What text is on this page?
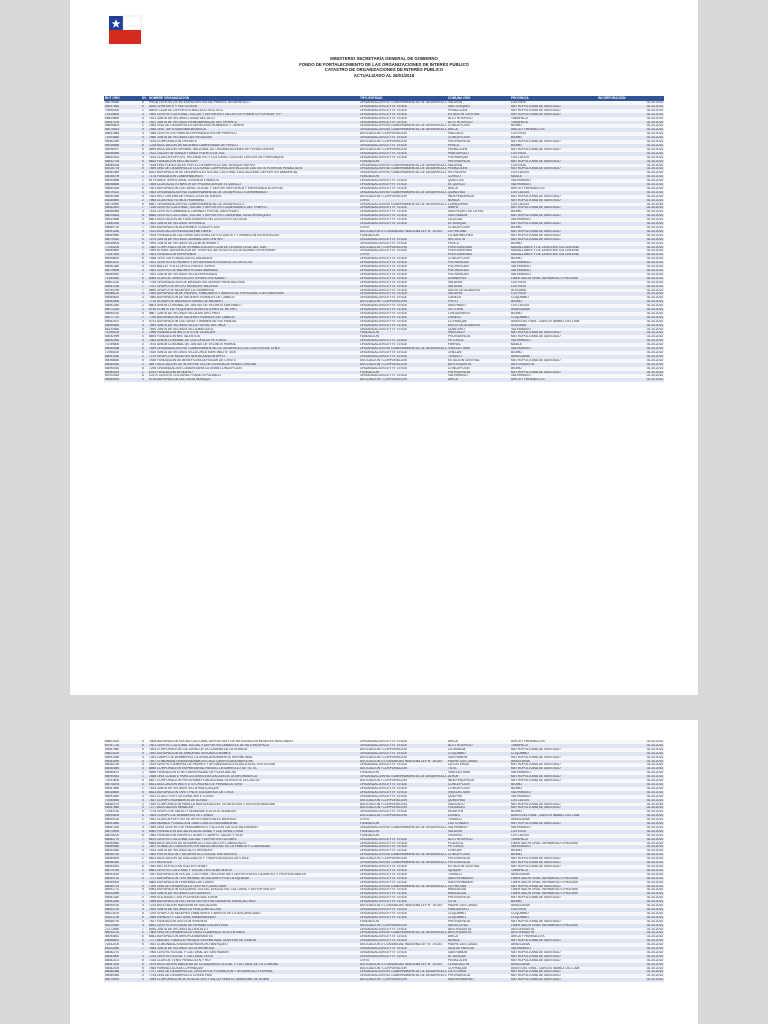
MINISTERIO SECRETARÍA GENERAL DE GOBIERNO
FONDO DE FORTALECIMIENTO DE LAS ORGANIZACIONES DE INTERÉS PÚBLICO
CATASTRO DE ORGANIZACIONES DE INTERÉS PÚBLICO
ACTUALIZADO AL 26/01/2018
RUT ORG	DV	NOMBRE ORGANIZACIÓN	TIPO ENTIDAD	COMUNA ORG	PROVINCIA	INCORPORACIÓN
65076050	6	PROB CENTRO DE INTEGRACION SOCIAL PARA EL DESARROLLO	ORGANIZACIÓN NO GUBERNAMENTAL DE DESARROLLO	VALDIVIA	LOS RIOS	02-10-2014
65057830	K	DAVI CRIN ARTE Y PAZ LA VIDA	ORGANIZACIÓN LEY N° 19.418	SAN JOAQUIN	METROPOLITANA DE SANTIAGO	02-10-2014
75490300	2	BARS CLUB DE DEPORTES MALLECO ATLETICO	ORGANIZACIÓN LEY N° 19.418	PEÑALOLEN	METROPOLITANA DE SANTIAGO	02-10-2014
71425600	3	7600 CENTRO CULTURAL, SOCIAL Y DEPORTIVO TALLER DE FOMENTO POPULAR TFP	ORGANIZACIÓN LEY N° 19.418	ESTACIÓN CENTRAL	METROPOLITANA DE SANTIAGO	02-10-2014
65829560	4	7521 JUNTA DE VECINOS CASAS DEL ALTO	ORGANIZACIÓN LEY N° 19.418	ALTO HOSPICIO	TARAPACÁ	02-10-2014
65057130	K	7522 JUNTA DE VECINOS REMEMBRANZAS DEL ORIENTE	ORGANIZACIÓN LEY N° 19.418	ALTO HOSPICIO	TARAPACÁ	02-10-2014
65896803	1	7564 ONG DE DESARROLLO DERECHOS HUMANOS Y TIERRA	ORGANIZACIÓN NO GUBERNAMENTAL DE DESARROLLO	CONCEPCIÓN	BIOBÍO	02-10-2014
65079513	9	7565 ONG TUPTUGAN MARAVI ARICA	ORGANIZACIÓN NO GUBERNAMENTAL DE DESARROLLO	ARICA	ARICA Y PARINACOTA	02-10-2014
65841884	4	7566 CENTRO DE FAMILIA ESPERANZA ROCHE PIREPILLI	ASOCIACIÓN / CORPORACIÓN	PAILLACO	LOS RIOS	02-10-2014
71903640	5	7669 JUNTA DE VECINOS LAS PATAGUAS	ORGANIZACIÓN LEY N° 19.418	CONCEPCIÓN	BIOBÍO	02-10-2014
65082280	2	7610 CORPORACION CREARTE	ASOCIACIÓN / CORPORACIÓN	PROVIDENCIA	METROPOLITANA DE SANTIAGO	02-10-2014
65038656	5	7228 ASOCIACION DE MUJERES CAMPESINAS DE PENCO	ORGANIZACIÓN LEY N° 19.418	PENCO	BIOBÍO	02-10-2014
65098097	6	8899 ASOCIACION GREMIAL NACIONAL DE ORGANIZACIONES DE FERIAS LIBRES	ASOCIACIÓN / CORPORACIÓN	PEÑALOLEN	METROPOLITANA DE SANTIAGO	02-10-2014
65066068	4	7612 TALLER DE DANZA Y BAILE PUERTO DE SOL	ORGANIZACIÓN LEY N° 19.418	PANGUIPULLI	LOS RIOS	02-10-2014
65830002	5	7615 CLUB DEPORTIVO, RECREATIVO Y CULTURAL COLEGIO CRECER DE PURRANQUE	ORGANIZACIÓN LEY N° 19.418	PURRANQUE	LOS LAGOS	02-10-2014
65632735	K	8833 FUNDACION RECONOCER	FUNDACIÓN	PROVIDENCIA	METROPOLITANA DE SANTIAGO	02-10-2014
65080528	4	7616 ONG FORESTALES POR EL DESARROLLO DEL BOSQUE NATIVO	ORGANIZACIÓN NO GUBERNAMENTAL DE DESARROLLO	VALDIVIA	LOS RIOS	02-10-2014
65120778	9	7609 ONG DE DESARROLLO CULTURAL CORPORACION VILLA DE LAS SIETE PUERTAS PENALOLEN	ORGANIZACIÓN NO GUBERNAMENTAL DE DESARROLLO	PEÑALOLEN	METROPOLITANA DE SANTIAGO	02-10-2014
65082449	4	6202 AGRUPACION DE DESARROLLO SOCIAL CULTURAL EDUCACIONAL DEPORTIVO AMBIENTAL	ORGANIZACIÓN NO GUBERNAMENTAL DE DESARROLLO	RIO NEGRO	LOS LAGOS	02-10-2014
65046709	1	7175 FUNDACION LUMINENBURGO	FUNDACIÓN	CURICÓ	MAULE	02-10-2014
65090656	1	6179 AREA TERRITORIAL VIVIENDA Y AMIGOS	ORGANIZACIÓN LEY N° 19.418	QUILLOTA	VALPARAISO	02-10-2014
65048858	1	7608 CLUB ADULTO MAYOR DE PROMOCION DE EL QUISCO	ORGANIZACIÓN LEY N° 19.418	EL QUISCO	VALPARAISO	02-10-2014
65850308	6	7601 AGRUPACION CULTURAL, SOCIAL Y DEPORTIVA FUERZA Y ESPERANZA HOSPITAL	ORGANIZACIÓN LEY N° 19.418	ARICA	ARICA Y PARINACOTA	02-10-2014
65079321	4	7602 ORGANIZACION NO GUBERNAMENTAL DE DESARROLLO GERMINANDO	ORGANIZACIÓN NO GUBERNAMENTAL DE DESARROLLO	QUINCHAO	LOS LAGOS	02-10-2014
65050268	K	7603 RED CHILENA DE REDUCCION DE DAÑOS	ASOCIACIÓN / CORPORACIÓN	INDEPENDENCIA	METROPOLITANA DE SANTIAGO	02-10-2014
65255650	2	7665 CLUB RED FUTBOL FEMENINO	OTRO	ÑUÑOA	METROPOLITANA DE SANTIAGO	02-10-2014
65076960	K	6687 ORGANIZACION NO GUBERNAMENTAL DE DESARROLLO	ORGANIZACIÓN NO GUBERNAMENTAL DE DESARROLLO	LLANQUIHUE	LOS LAGOS	02-10-2014
65062810	7	7238 CENTRO CULTURAL, SOCIAL Y DEPORTIVO GUARDIANES DEL TEMPLO	ORGANIZACIÓN LEY N° 19.418	MAIPÚ	METROPOLITANA DE SANTIAGO	02-10-2014
65066485	3	7615 CENTRO CANNABICO LAVANDO PORTAL SAN PEDRO	ORGANIZACIÓN LEY N° 19.418	SAN PEDRO DE LA PAZ	BIOBÍO	02-10-2014
65024633	8	8880 CENTRO CULTURAL, SOCIAL Y DEPORTIVO CARDENAL SILVA HENRIQUEZ	ORGANIZACIÓN LEY N° 19.418	SAN RAMÓN	METROPOLITANA DE SANTIAGO	02-10-2014
65043088	2	8801 ASOCIACION DE FUNCIONARIOS NO DOCENTES LA LIGUA	ORGANIZACIÓN LEY N° 19.418	LA LIGUA	VALPARAISO	02-10-2014
71850300	4	7601 JUNTA DE VECINOS VERONICA	ORGANIZACIÓN LEY N° 19.418	EL BOSQUE	METROPOLITANA DE SANTIAGO	02-10-2014
65089710	7	7595 AGRUPACION ALZHEIMER CONCEPCION	OTRO	CONCEPCIÓN	BIOBÍO	02-10-2014
65091250	5	7611 ASOCIACION INDIGENA KIMI LIWEN	ASOCIACIÓN O COMUNIDAD INDÍGENA LEY N° 19.253	LA PINTANA	METROPOLITANA DE SANTIAGO	02-10-2014
65089980	2	7629 FUNDACION CULTURAL NACIONAL DE ESTUDIOS Y FORMACION EN MODELAJE	FUNDACIÓN	LO BARNECHEA	METROPOLITANA DE SANTIAGO	02-10-2014
65079320	K	7575 JUNTA DE VECINOS SEMINACION CENTRO	ORGANIZACIÓN LEY N° 19.418	RECOLETA	METROPOLITANA DE SANTIAGO	02-10-2014
65046904	8	7699 JUNTA DE VECINOS VILLA MONTEMAR 2	ORGANIZACIÓN LEY N° 19.418	PENCO	BIOBÍO	02-10-2014
77034200	2	7860 CORPORACION DE REHABILITACION CLUB DE LEONES CRUZ DEL SUR	ASOCIACIÓN / CORPORACIÓN	PUNTA ARENAS	MAGALLANES Y DE LA ANTÁRTICA CHILENA	02-10-2014
65089840	7	7690 ATHUEL AGRUPACION DE TERAPEUTAS HOLISTICOS AYUDANDO A REPARAR	ORGANIZACIÓN LEY N° 19.418	PUNTA ARENAS	MAGALLANES Y DE LA ANTÁRTICA CHILENA	02-10-2014
72167600	6	7603 FUNDACION ESPERANZA	OTRO	PUNTA ARENAS	MAGALLANES Y DE LA ANTÁRTICA CHILENA	02-10-2014
65098820	8	7656 JVVS 225 POBLACION EL ANDALIEN	ORGANIZACIÓN LEY N° 19.418	CONCEPCIÓN	BIOBÍO	02-10-2014
65901110	K	7621 CENTRO DE PADRES Y APODERADOS ESCUELA LA CHOCOTA	ORGANIZACIÓN LEY N° 19.418	PUCHUNCAVÍ	VALPARAISO	02-10-2014
65082360	5	7614 BALLET FOLCLORICO RAICES JOVEN	ORGANIZACIÓN LEY N° 19.418	PUCHUNCAVÍ	VALPARAISO	02-10-2014
65079606	4	7651 CENTRO DE MADRES ROSAS MARINAS	ORGANIZACIÓN LEY N° 19.418	PUCHUNCAVÍ	VALPARAISO	02-10-2014
65080810	1	7653 JUNTA DE VECINOS VILLA ESPERANZA	ORGANIZACIÓN LEY N° 19.418	PUCHUNCAVÍ	VALPARAISO	02-10-2014
71350440	K	8054 CLUB DE ORIENTACION TERRESTRE AZIMUT	ORGANIZACIÓN LEY N° 19.418	GRANEROS	LIBERTADOR GRAL. BERNARDO O'HIGGINS	02-10-2014
65401220	8	7765 ORGANIZACION DE MASAJISTAS SENIOR PARA VALDIVIA	ORGANIZACIÓN LEY N° 19.418	VALDIVIA	LOS RIOS	02-10-2014
65087236	7	7787 GRUPO DE APOYO RENACER VALDIVIA	ORGANIZACIÓN LEY N° 19.418	VALDIVIA	LOS RIOS	02-10-2014
65790296	7	8890 GRUPO DE MUJERES LA CUMBRERA	ORGANIZACIÓN LEY N° 19.418	DIEGO DE ALMAGRO	ATACAMA	02-10-2014
65088120	9	7800 AGRUPACION DE PADRES, FAMILIARES Y AMIGOS DE PERSONAS CON SINDROME	ORGANIZACIÓN LEY N° 19.418	VALDIVIA	LOS RIOS	02-10-2014
65084620	3	7860 AGRUPACION DE MUJERES RURALES DE CANELA	ORGANIZACIÓN LEY N° 19.418	CANELA	COQUIMBO	02-10-2014
65064300	1	7710 HOGAR DE ANCIANOS RAYAS DE NAZARET	ASOCIACIÓN / CORPORACIÓN	PINTO	BIOBÍO	02-10-2014
65082350	2	8803 UNION COMUNAL DE JUNTAS DE VECINOS SAN PABLO	ORGANIZACIÓN LEY N° 19.418	SAN PABLO	LOS LAGOS	02-10-2014
65072310	2	8736 COMITE DE PEQUEÑOS AGRICULTORES EL RETIRO	ORGANIZACIÓN LEY N° 19.418	VICTORIA	ARAUCANÍA	02-10-2014
65850230	4	8867 JUNTA DE VECINOS VILLA ARTURO PRAT	ORGANIZACIÓN LEY N° 19.418	CHIGUAYANTE	BIOBÍO	02-10-2014
65077710	2	7780 AGRUPACION DE MUJERES RURALES DE CANELA	ORGANIZACIÓN LEY N° 19.418	CANELA	COQUIMBO	02-10-2014
65082570	4	6751 AGRUPACION CULTURAL Y AMBIENTAL RIO PANGAL	ORGANIZACIÓN LEY N° 19.418	COYHAIQUE	AISEN DEL GRAL. CARLOS IBAÑEZ DEL CAM	02-10-2014
65090550	4	7893 JUNTA DE VECINOS VILLA PORTAL DEL INCA	ORGANIZACIÓN LEY N° 19.418	DIEGO DE ALMAGRO	ATACAMA	02-10-2014
65120450	9	7890 JUNTA DE VECINOS VILLA MAR AZUL	ORGANIZACIÓN LEY N° 19.418	QUINTERO	VALPARAISO	02-10-2014
71295100	2	7896 FUNDACION INSTITUTO DE LA MUJER	FUNDACIÓN	SANTIAGO	METROPOLITANA DE SANTIAGO	02-10-2014
65052999	5	8894 FUNDACION MIS TALENTOS	FUNDACIÓN	PROVIDENCIA	METROPOLITANA DE SANTIAGO	02-10-2014
65092060	4	7563 UNION COMUNAL DE CULTURA DE PETORCA	ORGANIZACIÓN LEY N° 19.418	PETORCA	VALPARAISO	02-10-2014
73769800	4	7875 UNION COMUNAL DE JUNTAS DE VECINOS PARRAL	ORGANIZACIÓN LEY N° 19.418	PARRAL	MAULE	02-10-2014
65080056	5	7839 ORGANIZACION NO GUBERNAMENTAL DE DESARROLLO ACCION SOCIAL CHILE	ORGANIZACIÓN NO GUBERNAMENTAL DE DESARROLLO	VIÑA DEL MAR	VALPARAISO	02-10-2014
71965100	K	7810 JUNTA DE VECINOS VILLA CHILE MARTINEZ N° 30/4	ORGANIZACIÓN LEY N° 19.418	CHILLÁN	BIOBÍO	02-10-2014
65091050	2	7279 GRUPO DE MUJERES NUEVA ZANJON APPLI	ORGANIZACIÓN LEY N° 19.418	TEMUCO	ARAUCANÍA	02-10-2014
65098850	K	7835 FUNDACION DE BENEFICENCIA HOGAR DE CRISTO	ASOCIACIÓN / CORPORACIÓN	ESTACIÓN CENTRAL	METROPOLITANA DE SANTIAGO	02-10-2014
65080530	2	6897 ASOCIACION DE INTERPRETES DE LENGUA DE SEÑAS CHILENA	ASOCIACIÓN / CORPORACIÓN	ANTOFAGASTA	ANTOFAGASTA	02-10-2014
65090160	5	7256 ORGANIZACION COMUNITARIA LA GRAN CONCEPCION	ORGANIZACIÓN LEY N° 19.418	CONCEPCIÓN	BIOBÍO	02-10-2014
65080931	1	6763 FUNDACION MI NUEVO	FUNDACIÓN	PROVIDENCIA	METROPOLITANA DE SANTIAGO	02-10-2014
65702525	6	10170 CENTRO CULTURAL PLANETA POLANCO	ORGANIZACIÓN LEY N° 19.418	VALPARAISO	VALPARAISO	02-10-2014
65080525	4	6726 AGRUPACION CULTURAL NORAQO	ASOCIACIÓN / CORPORACIÓN	ARICA	ARICA Y PARINACOTA	02-10-2014
65801020	4	7608 AGRUPACION SOCIAL CULTURAL DEPORTIVA Y DE INTEGRACION MUJERES BUSCANDO	ORGANIZACIÓN LEY N° 19.418	ARICA	ARICA Y PARINACOTA	02-10-2014
65767730	K	7601 CENTRO CULTURAL SOCIAL Y DEPORTIVO AMANTES DE AUTOHOSPICIO	ORGANIZACIÓN LEY N° 19.418	ALTO HOSPICIO	TARAPACÁ	02-10-2014
65087580	5	7604 CORPORACION CULTURAL DE LA COMUNA DE LA GRANJA	ASOCIACIÓN / CORPORACIÓN	LA GRANJA	METROPOLITANA DE SANTIAGO	02-10-2014
65623100	K	7692 AGRUPACION DE MINORIAS SEXUALES ARIMEX	ORGANIZACIÓN LEY N° 19.418	COQUIMBO	COQUIMBO	02-10-2014
65091490	3	7281 CAMPO DE BOMBEROS LA GRANJA BOMBEROS PATRIMONIAL	ASOCIACIÓN / CORPORACIÓN	SAN RAMÓN	METROPOLITANA DE SANTIAGO	02-10-2014
65083090	4	7697 COMUNIDAD INDIGENA AWA EN CRUZ QUEPUCURA MAPUCHE	ASOCIACIÓN O COMUNIDAD INDÍGENA LEY N° 19.253	PADRE LAS CASAS	ARAUCANÍA	02-10-2014
65084750	4	7619 CENTRO GENERAL DE PADRES Y APODERADOS ESCUELA ELECTROTECNIA	ORGANIZACIÓN LEY N° 19.418	LA CISTERNA	METROPOLITANA DE SANTIAGO	02-10-2014
65090646	4	8895 CORPORACION EMPRESARIAL PARA EL DESARROLLO DE TIL TIL	ASOCIACIÓN / CORPORACIÓN	TILTIL	METROPOLITANA DE SANTIAGO	02-10-2014
65084670	1	6896 FUNDACION ETNO UNIVERSIDAD DE PLAYA ANCHA	FUNDACIÓN	VIÑA DEL MAR	VALPARAISO	02-10-2014
65090543	1	7688 ONG CUIDATE PARA LA DEMOCRATIZACION DE LA INFORMATICA	ORGANIZACIÓN NO GUBERNAMENTAL DE DESARROLLO	ALHUÉ	METROPOLITANA DE SANTIAGO	02-10-2014
72041600	6	6827 CORPORACION PROGRAMA POBLACIONAL SERVICIOS LA CALETA	ASOCIACIÓN / CORPORACIÓN	INDEPENDENCIA	METROPOLITANA DE SANTIAGO	02-10-2014
65078293	3	6821 ASOCIACION INSTITUTO CHILENO DE PERMACULTURA	ORGANIZACIÓN LEY N° 19.418	CONCEPCIÓN	BIOBÍO	02-10-2014
65087850	1	7814 JUNTA DE VECINOS VILLA HUAYQUIQUE	ORGANIZACIÓN LEY N° 19.418	CONCEPCIÓN	BIOBÍO	02-10-2014
65038650	6	6823 AGRUPACION TARTTYNOS SOLIDARIOS DE CHILE	ORGANIZACIÓN LEY N° 19.418	VIÑA DEL MAR	VALPARAISO	02-10-2014
65091850	4	7623 COLECTIVO CULTURAL ARTE JOVEN	ORGANIZACIÓN LEY N° 19.418	QUILPUÉ	VALPARAISO	02-10-2014
71950650	4	7837 CUERPO BOMBEROS DE ACHAO	ASOCIACIÓN / CORPORACIÓN	QUINCHAO	LOS LAGOS	02-10-2014
65080279	2	7543 CORPORACION PARA LA INDIVIDUACION, TECNOLOGIA Y SUSTENTABILIDAD	ASOCIACIÓN / CORPORACIÓN	SANTIAGO	METROPOLITANA DE SANTIAGO	02-10-2014
65057860	4	7277 ASOCIACION RENACER	ASOCIACIÓN / CORPORACIÓN	PUDAHUEL	METROPOLITANA DE SANTIAGO	02-10-2014
71983750	K	7719 GRUPO DE SALUD Y SEMANAS LOS DOS SEÑADOS	ORGANIZACIÓN LEY N° 19.418	HUALPÉN	BIOBÍO	02-10-2014
65090625	8	7805 CUERPO DE BOMBEROS DE CISNES	ASOCIACIÓN / CORPORACIÓN	CISNES	AISEN DEL GRAL. CARLOS IBAÑEZ DEL CAM	02-10-2014
65090130	1	7841 CLUB DEPORTIVO DE ARTES MARCIALES BUSHIDO	OTRO	TEMUCO	ARAUCANÍA	02-10-2014
65091880	7	7855 AMANCE FUNDACION JUAN CARLOS NORAMBUENA	FUNDACIÓN	LAS CONDES	METROPOLITANA DE SANTIAGO	02-10-2014
65081390	4	7646 ONG CENTRO DE PENSAMIENTO Y ACCION CRITICA VALPARAISO	ORGANIZACIÓN NO GUBERNAMENTAL DE DESARROLLO	VALPARAISO	VALPARAISO	02-10-2014
65075900	5	6962 FUNDACION SOCIAL EDUCACIONAL Y CULTURAL CRISA	FUNDACIÓN	VALDIVIA	LOS RIOS	02-10-2014
65026200	K	7563 FUNDACION ESPIRITU, ALMA Y CUERPO, SALUD Y VIDA	FUNDACIÓN	OSORNO	LOS LAGOS	02-10-2014
65082770	7	6870 CENTRO CULTURAL SOCIAL Y DEPORTIVO LEONES	ORGANIZACIÓN LEY N° 19.418	ALTO HOSPICIO	TARAPACÁ	02-10-2014
65090850	7	6865 ASOCIACION DE DESARROLLO SOCIAL LOS CANDELALES	ORGANIZACIÓN LEY N° 19.418	PLACILLA	LIBERTADOR GRAL. BERNARDO O'HIGGINS	02-10-2014
65089480	2	7697 CONSEJO CONSULTIVO EN SALUD MENTAL DE LA FAMILIA Y COMUNIDAD	ORGANIZACIÓN LEY N° 19.418	PETORCA	VALPARAISO	02-10-2014
65043460	4	7813 JUNTA DE VECINOS ALTO RENACER	ORGANIZACIÓN LEY N° 19.418	CHILLÁN	BIOBÍO	02-10-2014
65090750	1	7663 PREVENCION Y DESARROLLO SOCIAL ENCUENTRO	ORGANIZACIÓN NO GUBERNAMENTAL DE DESARROLLO	CONCEPCIÓN	BIOBÍO	02-10-2014
65080800	1	6823 ASOCIACION DE DIALIZADOS Y TRASPLANTADOS DE CHILE	ASOCIACIÓN / CORPORACIÓN	PROVIDENCIA	METROPOLITANA DE SANTIAGO	02-10-2014
65098350	7	7707 MOVILIZA	ORGANIZACIÓN NO GUBERNAMENTAL DE DESARROLLO	PROVIDENCIA	METROPOLITANA DE SANTIAGO	02-10-2014
65084981	6	7652 METROPOLITAN ROLLER DERBY	ORGANIZACIÓN LEY N° 19.418	ESTACIÓN CENTRAL	METROPOLITANA DE SANTIAGO	02-10-2014
65079780	2	6861 CENTRO CULTURAL Y SOCIAL CIRCULAR NORTE	ORGANIZACIÓN LEY N° 19.418	IQUIQUE	TARAPACÁ	02-10-2014
65092629	2	7597 AGRUPACION SOCIAL, CULTURAL, RECREATIVA Y DEPORTIVA ESTUDIANTES Y PROFESIONALES	ORGANIZACIÓN LEY N° 19.418	TEMUCO	ARAUCANÍA	02-10-2014
65090710	4	7717 AGRUPACION TESTIMONIAL DE MUJERES POR LA EQUIDAD	ORGANIZACIÓN LEY N° 19.418	SAN FERNANDO	LIBERTADOR GRAL. BERNARDO O'HIGGINS	02-10-2014
65085900	7	6860 AGRUPACION FEMENINA LAS LUNAS	ORGANIZACIÓN LEY N° 19.418	SAN FERNANDO	LIBERTADOR GRAL. BERNARDO O'HIGGINS	02-10-2014
65080713	9	7200 ONG DE DESARROLLO CENTRO CONSTRUIR	ORGANIZACIÓN NO GUBERNAMENTAL DE DESARROLLO	LA PINTANA	METROPOLITANA DE SANTIAGO	02-10-2014
65091770	9	6963 AGRUPACION SOLIDARIA, SOCIAL, EDUCATIVA, CULTURAL Y DEPORTIVA LEY	ORGANIZACIÓN LEY N° 19.418	RANCAGUA	LIBERTADOR GRAL. BERNARDO O'HIGGINS	02-10-2014
65102890	7	7639 JUNTA DE VECINOS LOS GUINDOS	ORGANIZACIÓN LEY N° 19.418	RANCAGUA	LIBERTADOR GRAL. BERNARDO O'HIGGINS	02-10-2014
65081330	2	7695 SOCIEDAD CIVIL PLURIDOIGUAL ICHHA	ORGANIZACIÓN LEY N° 19.418	PROVIDENCIA	METROPOLITANA DE SANTIAGO	02-10-2014
65051260	4	7696 AGRUPACION CULTURAL DEPORTIVA GARDENS ESENCIA CHILE	ORGANIZACIÓN LEY N° 19.418	LOTA	BIOBÍO	02-10-2014
65090130	4	7233 ASOCIACION INDIGENA DE MILLALEMU	ASOCIACIÓN O COMUNIDAD INDÍGENA LEY N° 19.253	PADRE LAS CASAS	ARAUCANÍA	02-10-2014
65093720	5	7694 JUNTA DE VECINOS LA PERLA AROLLOSA	ORGANIZACIÓN LEY N° 19.418	PANGUIPULLI	LOS RIOS	02-10-2014
65023100	8	7209 GRUPO DE MUJERES FAMILIARES Y AMIGOS DE LA DISCAPACIDAD	ORGANIZACIÓN LEY N° 19.418	COQUIMBO	COQUIMBO	02-10-2014
65101730	K	7850 ESPACIO Y CULTURAL MAJINHUENDO	ORGANIZACIÓN LEY N° 19.418	COQUIMBO	COQUIMBO	02-10-2014
65086700	5	7627 FUNDACION GESTION VIVIENDA	FUNDACIÓN	PROVIDENCIA	METROPOLITANA DE SANTIAGO	02-10-2014
65120950	4	6892 CENTRO INTEGRAL DE REHABILITACION VIDE	ASOCIACIÓN / CORPORACIÓN	SANTA CRUZ	LIBERTADOR GRAL. BERNARDO O'HIGGINS	02-10-2014
72272690	7	6930 JUNTA DE VECINOS ALLIEN ALTO	ORGANIZACIÓN LEY N° 19.418	ANTOFAGASTA	ANTOFAGASTA	02-10-2014
65043720	2	7862 ONG DE DESARROLLO CASO CUADRADO SUSTENTABLE	ORGANIZACIÓN NO GUBERNAMENTAL DE DESARROLLO	ANTOFAGASTA	ANTOFAGASTA	02-10-2014
65090851	6	6853 AGRUPACION ARRUPLA MARIANTES	ORGANIZACIÓN LEY N° 19.418	ARICA	ARICA Y PARINACOTA	02-10-2014
65086810	5	7727 AMIGAS Y AMIGOS PARQUE PATRIMONIAL JUAN ERE DE NUÑOA	ORGANIZACIÓN LEY N° 19.418	ÑUÑOA	METROPOLITANA DE SANTIAGO	02-10-2014
71842100	K	7831 COMUNIDAD INDIGENA HUENCHO MARIQUEO	ASOCIACIÓN O COMUNIDAD INDÍGENA LEY N° 19.253	PADRE LAS CASAS	ARAUCANÍA	02-10-2014
65102590	7	7855 JUNTA DE VECINOS VISTA HERMOSA	ORGANIZACIÓN LEY N° 19.418	ISLA DE PASCUA	VALPARAISO	02-10-2014
65082270	7	7908 CENTRO SOCIAL Y CULTURAL DE SAN RAMON	ORGANIZACIÓN LEY N° 19.418	SAN RAMÓN	METROPOLITANA DE SANTIAGO	02-10-2014
65083500	3	7233 CENTRO SOCIAL Y CULTURAL LEVIS	ORGANIZACIÓN LEY N° 19.418	EL BOSQUE	METROPOLITANA DE SANTIAGO	02-10-2014
65082101	8	7316 CLUB DE TENIS PENALOLEN Y RUT	OTRO	PEÑALOLEN	METROPOLITANA DE SANTIAGO	02-10-2014
65087530	6	7879 ASOCIACION INDIGENA DE CIUDADANOS SOCIAL Y CULTURAL DE LA COMUNA	ASOCIACIÓN O COMUNIDAD INDÍGENA LEY N° 19.253	CURACAUTÍN	ARAUCANÍA	02-10-2014
65082029	9	7865 FARMACOLOGIA COPIHAIQUE	ASOCIACIÓN / CORPORACIÓN	COYHAIQUE	AISEN DEL GRAL. CARLOS IBAÑEZ DEL CAM	02-10-2014
65080286	K	7797 ONG DE DESARROLLO, CENTRO DE FORMACION Y DESARROLLO ESPIRAL	ORGANIZACIÓN NO GUBERNAMENTAL DE DESARROLLO	LA FLORIDA	METROPOLITANA DE SANTIAGO	02-10-2014
65089360	3	7753 ONG DE DESARROLLO CREEA PAIS	ORGANIZACIÓN NO GUBERNAMENTAL DE DESARROLLO	PROVIDENCIA	METROPOLITANA DE SANTIAGO	02-10-2014
65079510	4	7699 CORPORACION DE EDUCACION Y SALUD PARA EL SINDROME DE DOWN	ASOCIACIÓN / CORPORACIÓN	SAN BERNARDO	METROPOLITANA DE SANTIAGO	02-10-2014
